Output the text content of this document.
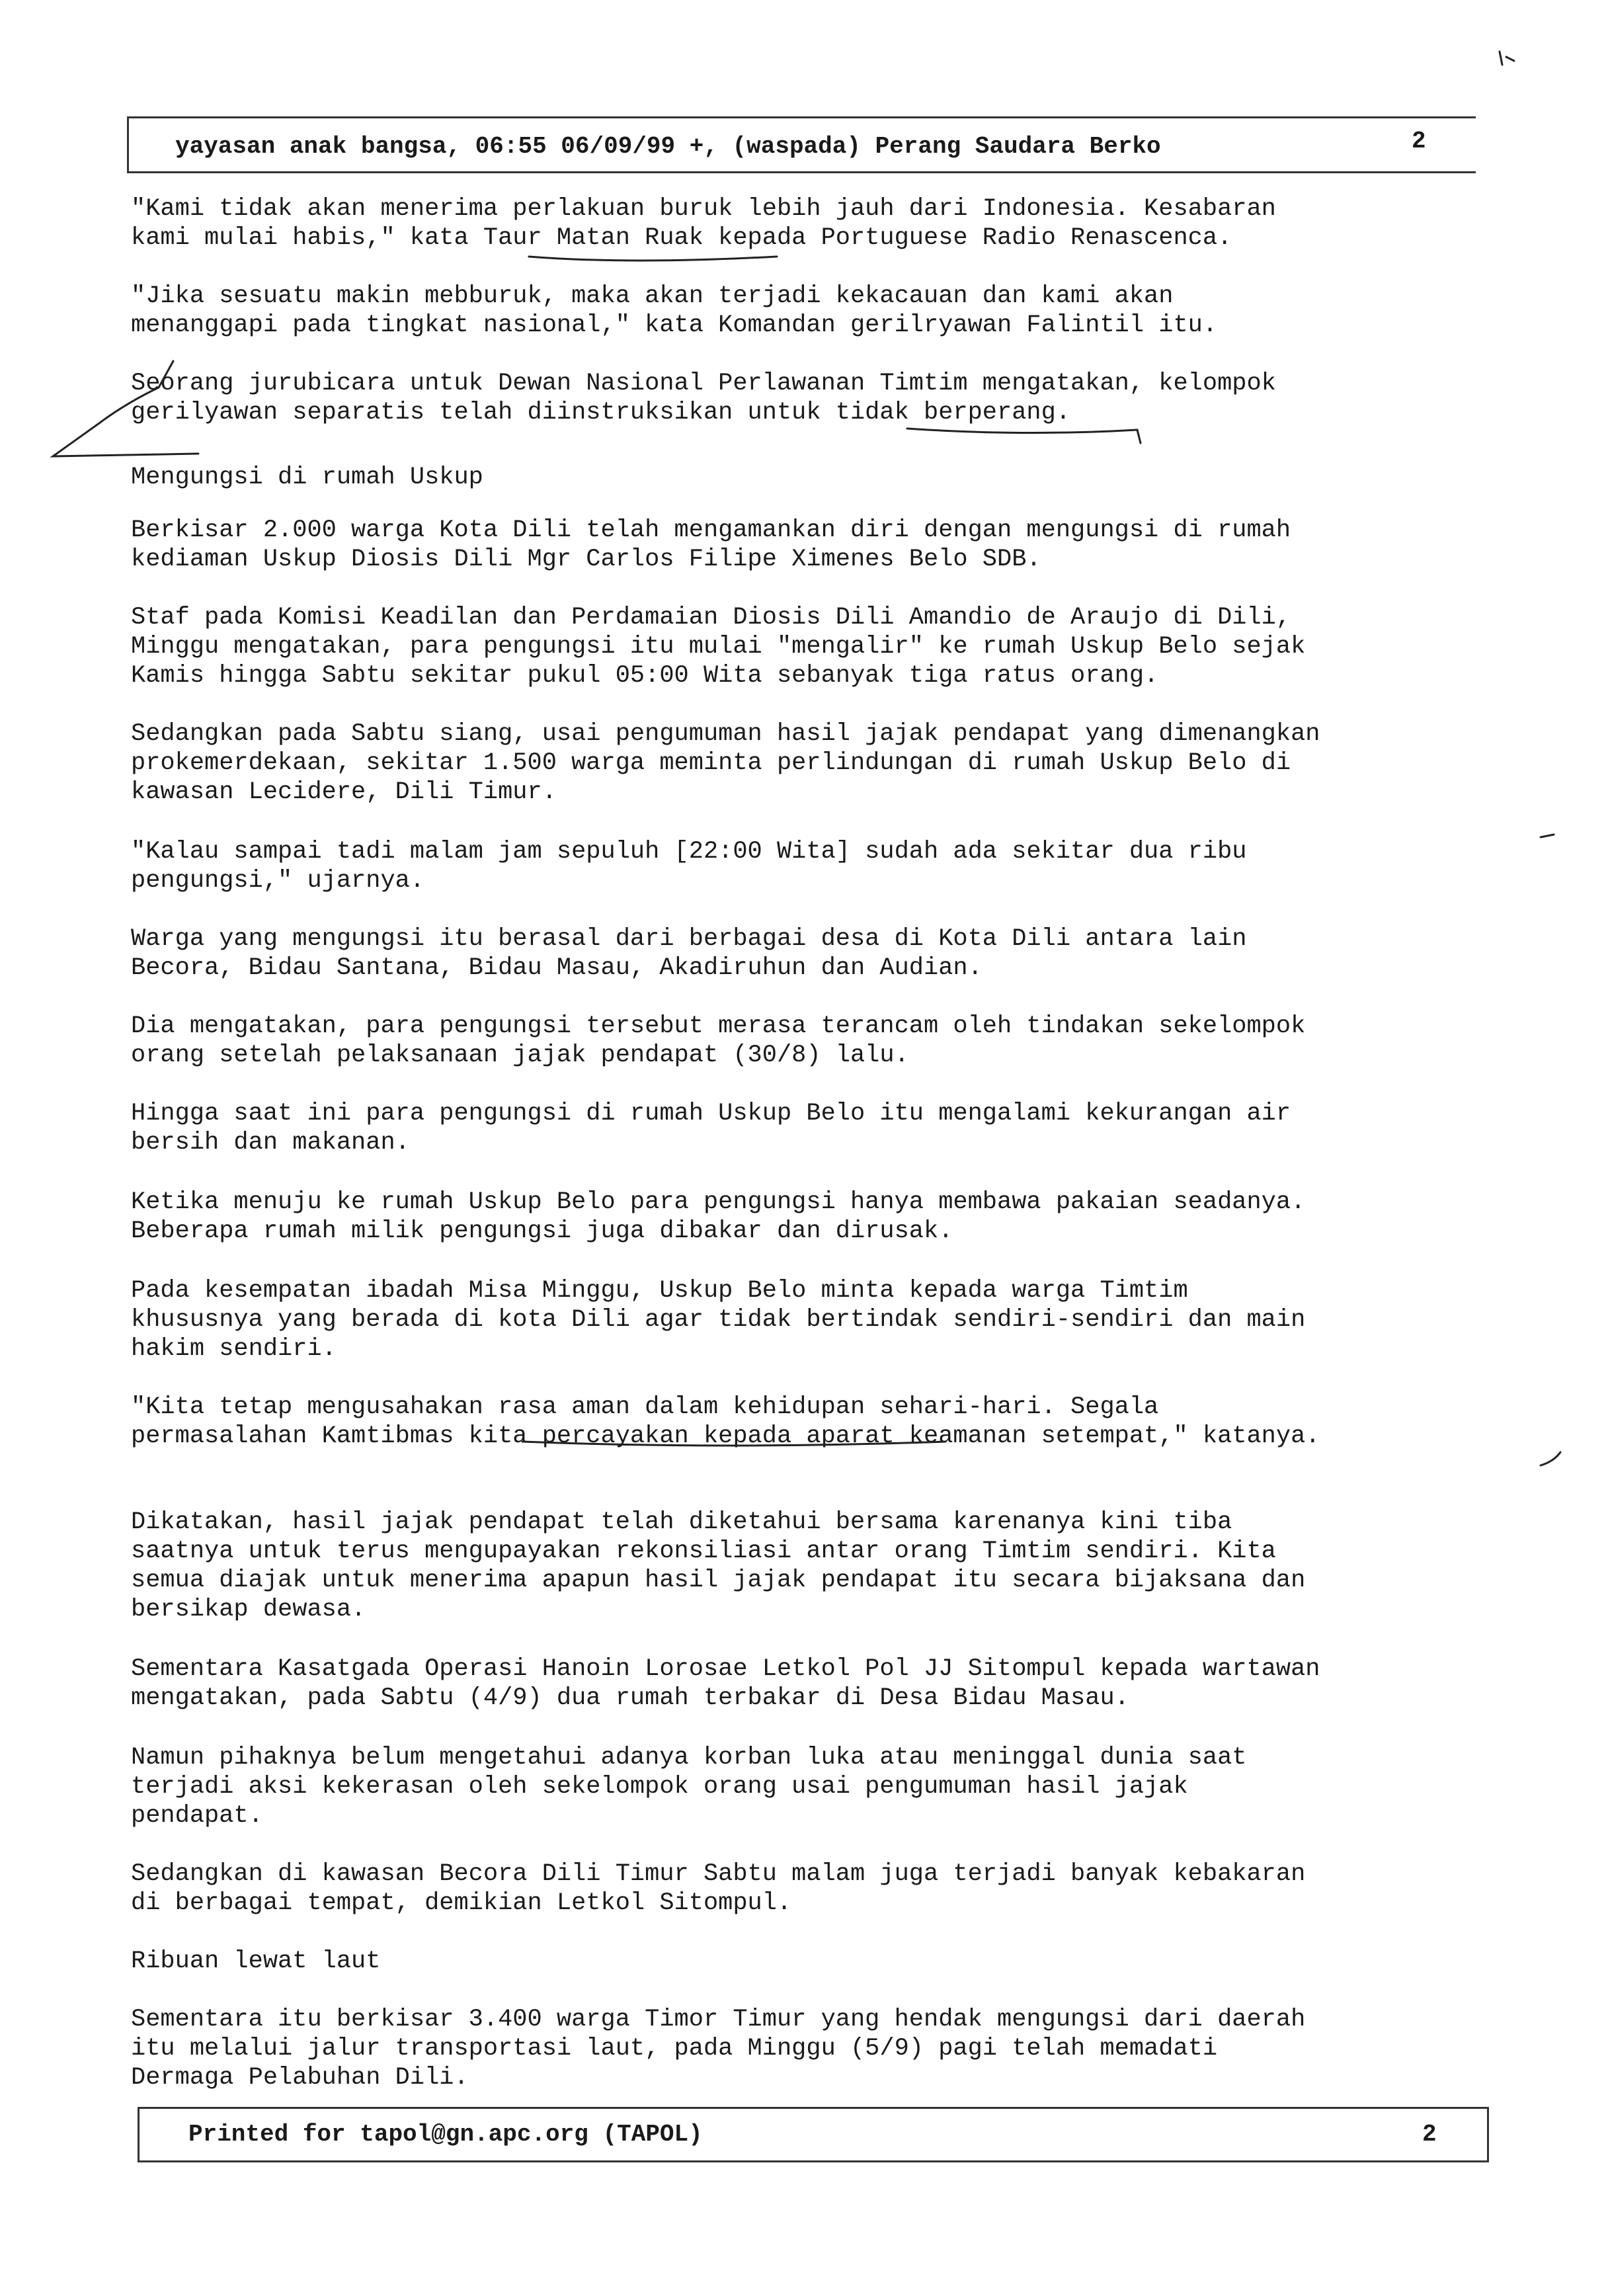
yayasan anak bangsa, 06:55 06/09/99 +, (waspada) Perang Saudara Berko	2
"Kami tidak akan menerima perlakuan buruk lebih jauh dari Indonesia. Kesabaran
kami mulai habis," kata Taur Matan Ruak kepada Portuguese Radio Renascenca.
"Jika sesuatu makin mebburuk, maka akan terjadi kekacauan dan kami akan
menanggapi pada tingkat nasional," kata Komandan gerilryawan Falintil itu.
Seorang jurubicara untuk Dewan Nasional Perlawanan Timtim mengatakan, kelompok
gerilyawan separatis telah diinstruksikan untuk tidak berperang.
Mengungsi di rumah Uskup
Berkisar 2.000 warga Kota Dili telah mengamankan diri dengan mengungsi di rumah
kediaman Uskup Diosis Dili Mgr Carlos Filipe Ximenes Belo SDB.
Staf pada Komisi Keadilan dan Perdamaian Diosis Dili Amandio de Araujo di Dili,
Minggu mengatakan, para pengungsi itu mulai "mengalir" ke rumah Uskup Belo sejak
Kamis hingga Sabtu sekitar pukul 05:00 Wita sebanyak tiga ratus orang.
Sedangkan pada Sabtu siang, usai pengumuman hasil jajak pendapat yang dimenangkan
prokemerdekaan, sekitar 1.500 warga meminta perlindungan di rumah Uskup Belo di
kawasan Lecidere, Dili Timur.
"Kalau sampai tadi malam jam sepuluh [22:00 Wita] sudah ada sekitar dua ribu
pengungsi," ujarnya.
Warga yang mengungsi itu berasal dari berbagai desa di Kota Dili antara lain
Becora, Bidau Santana, Bidau Masau, Akadiruhun dan Audian.
Dia mengatakan, para pengungsi tersebut merasa terancam oleh tindakan sekelompok
orang setelah pelaksanaan jajak pendapat (30/8) lalu.
Hingga saat ini para pengungsi di rumah Uskup Belo itu mengalami kekurangan air
bersih dan makanan.
Ketika menuju ke rumah Uskup Belo para pengungsi hanya membawa pakaian seadanya.
Beberapa rumah milik pengungsi juga dibakar dan dirusak.
Pada kesempatan ibadah Misa Minggu, Uskup Belo minta kepada warga Timtim
khususnya yang berada di kota Dili agar tidak bertindak sendiri-sendiri dan main
hakim sendiri.
"Kita tetap mengusahakan rasa aman dalam kehidupan sehari-hari. Segala
permasalahan Kamtibmas kita percayakan kepada aparat keamanan setempat," katanya.
Dikatakan, hasil jajak pendapat telah diketahui bersama karenanya kini tiba
saatnya untuk terus mengupayakan rekonsiliasi antar orang Timtim sendiri. Kita
semua diajak untuk menerima apapun hasil jajak pendapat itu secara bijaksana dan
bersikap dewasa.
Sementara Kasatgada Operasi Hanoin Lorosae Letkol Pol JJ Sitompul kepada wartawan
mengatakan, pada Sabtu (4/9) dua rumah terbakar di Desa Bidau Masau.
Namun pihaknya belum mengetahui adanya korban luka atau meninggal dunia saat
terjadi aksi kekerasan oleh sekelompok orang usai pengumuman hasil jajak
pendapat.
Sedangkan di kawasan Becora Dili Timur Sabtu malam juga terjadi banyak kebakaran
di berbagai tempat, demikian Letkol Sitompul.
Ribuan lewat laut
Sementara itu berkisar 3.400 warga Timor Timur yang hendak mengungsi dari daerah
itu melalui jalur transportasi laut, pada Minggu (5/9) pagi telah memadati
Dermaga Pelabuhan Dili.
Printed for tapol@gn.apc.org (TAPOL)	2
